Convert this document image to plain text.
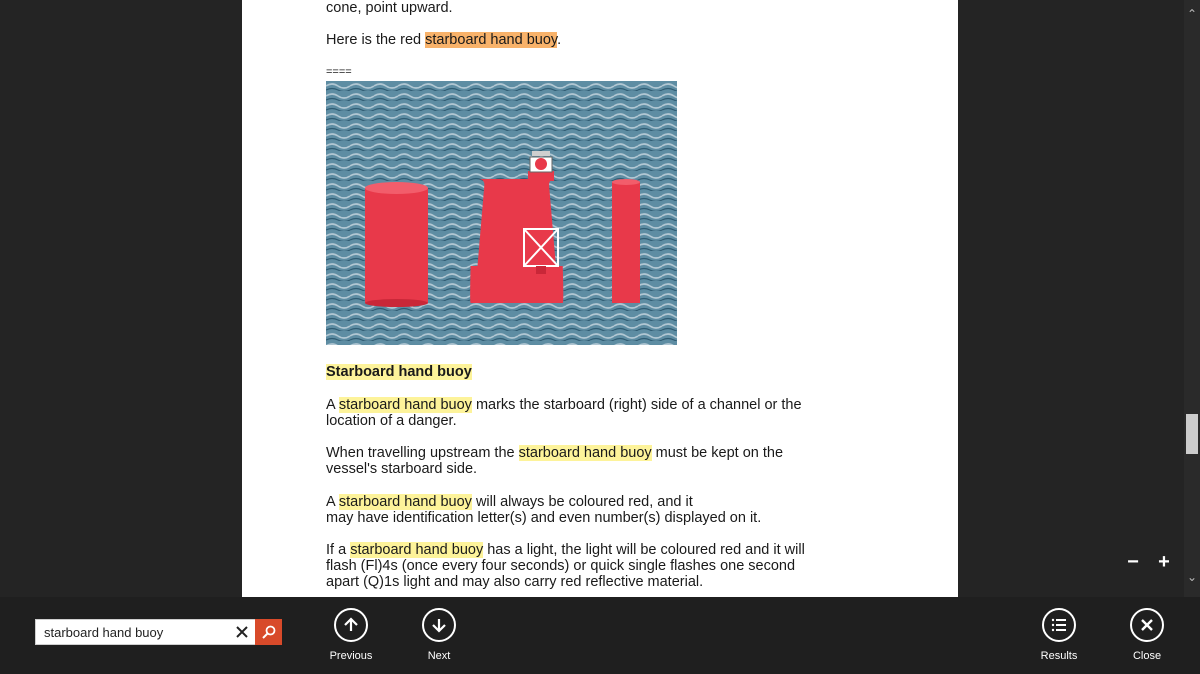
cone, point upward.
Here is the red starboard hand buoy.
====
Starboard hand buoy

A starboard hand buoy marks the starboard (right) side of a channel or the location of a danger.

When travelling upstream the starboard hand buoy must be kept on the vessel's starboard side.

A starboard hand buoy will always be coloured red, and it
may have identification letter(s) and even number(s) displayed on it.

If a starboard hand buoy has a light, the light will be coloured red and it will flash (Fl)4s (once every four seconds) or quick single flashes one second apart (Q)1s light and may also carry red reflective material.

⌃
⌄
− +
starboard hand buoy
Previous	Next	Results	Close
